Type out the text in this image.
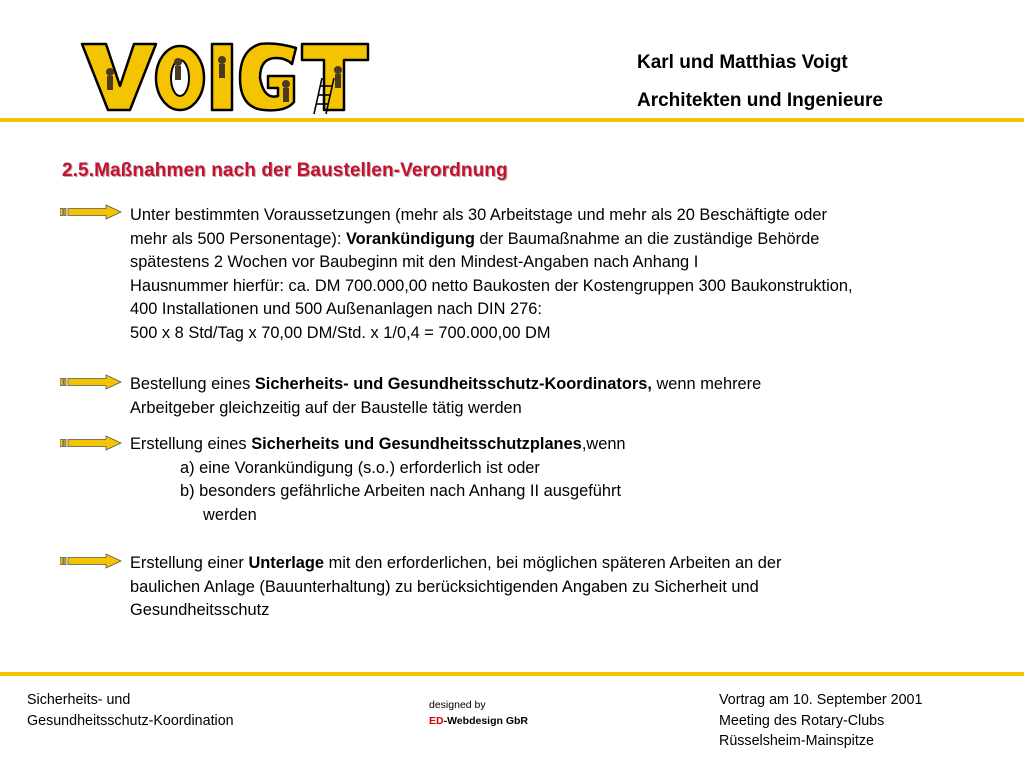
Karl und Matthias Voigt
Architekten und Ingenieure
2.5.Maßnahmen nach der Baustellen-Verordnung
Unter bestimmten Voraussetzungen (mehr als 30 Arbeitstage und mehr als 20 Beschäftigte oder
mehr als 500 Personentage): Vorankündigung der Baumaßnahme an die zuständige Behörde
spätestens 2 Wochen vor Baubeginn mit den Mindest-Angaben nach Anhang I
Hausnummer hierfür: ca. DM 700.000,00 netto Baukosten der Kostengruppen 300 Baukonstruktion,
400 Installationen und 500 Außenanlagen nach DIN 276:
500 x 8 Std/Tag x 70,00 DM/Std. x 1/0,4 = 700.000,00 DM
Bestellung eines Sicherheits- und Gesundheitsschutz-Koordinators, wenn mehrere
Arbeitgeber gleichzeitig auf der Baustelle tätig werden
Erstellung eines Sicherheits und Gesundheitsschutzplanes,wenn
a) eine Vorankündigung (s.o.) erforderlich ist oder
b) besonders gefährliche Arbeiten nach Anhang II ausgeführt
werden
Erstellung einer Unterlage mit den erforderlichen, bei möglichen späteren Arbeiten an der
baulichen Anlage (Bauunterhaltung) zu berücksichtigenden Angaben zu Sicherheit und
Gesundheitsschutz
Sicherheits- und
Gesundheitsschutz-Koordination
designed by
ED-Webdesign GbR
Vortrag am 10. September 2001
Meeting des Rotary-Clubs
Rüsselsheim-Mainspitze
